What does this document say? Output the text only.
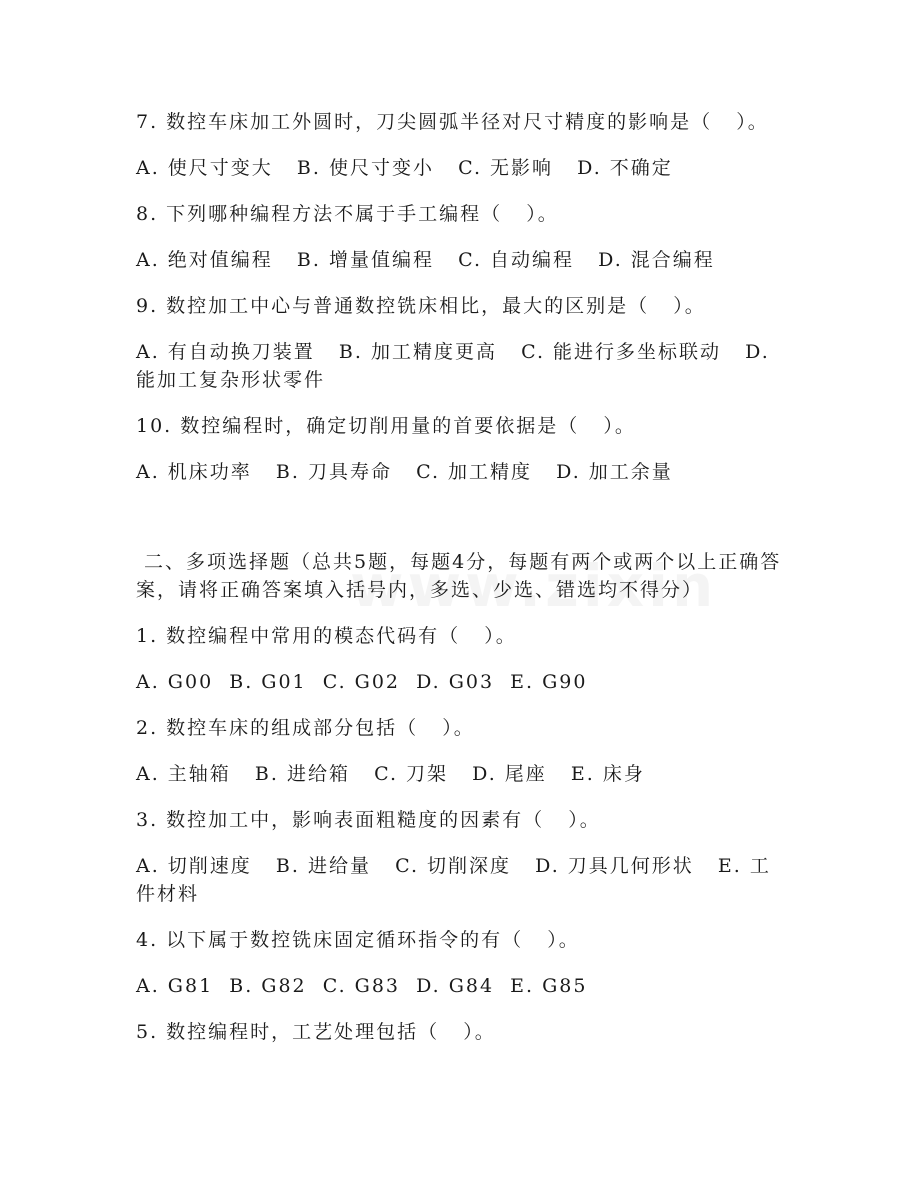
7. 数控车床加工外圆时，刀尖圆弧半径对尺寸精度的影响是（   ）。

A. 使尺寸变大   B. 使尺寸变小   C. 无影响   D. 不确定

8. 下列哪种编程方法不属于手工编程（   ）。

A. 绝对值编程   B. 增量值编程   C. 自动编程   D. 混合编程

9. 数控加工中心与普通数控铣床相比，最大的区别是（   ）。

A. 有自动换刀装置   B. 加工精度更高   C. 能进行多坐标联动   D. 能加工复杂形状零件

10. 数控编程时，确定切削用量的首要依据是（   ）。

A. 机床功率   B. 刀具寿命   C. 加工精度   D. 加工余量

二、多项选择题（总共5题，每题4分，每题有两个或两个以上正确答案，请将正确答案填入括号内，多选、少选、错选均不得分）

1. 数控编程中常用的模态代码有（   ）。

A. G00  B. G01  C. G02  D. G03  E. G90

2. 数控车床的组成部分包括（   ）。

A. 主轴箱   B. 进给箱   C. 刀架   D. 尾座   E. 床身

3. 数控加工中，影响表面粗糙度的因素有（   ）。

A. 切削速度   B. 进给量   C. 切削深度   D. 刀具几何形状   E. 工件材料

4. 以下属于数控铣床固定循环指令的有（   ）。

A. G81  B. G82  C. G83  D. G84  E. G85

5. 数控编程时，工艺处理包括（   ）。
